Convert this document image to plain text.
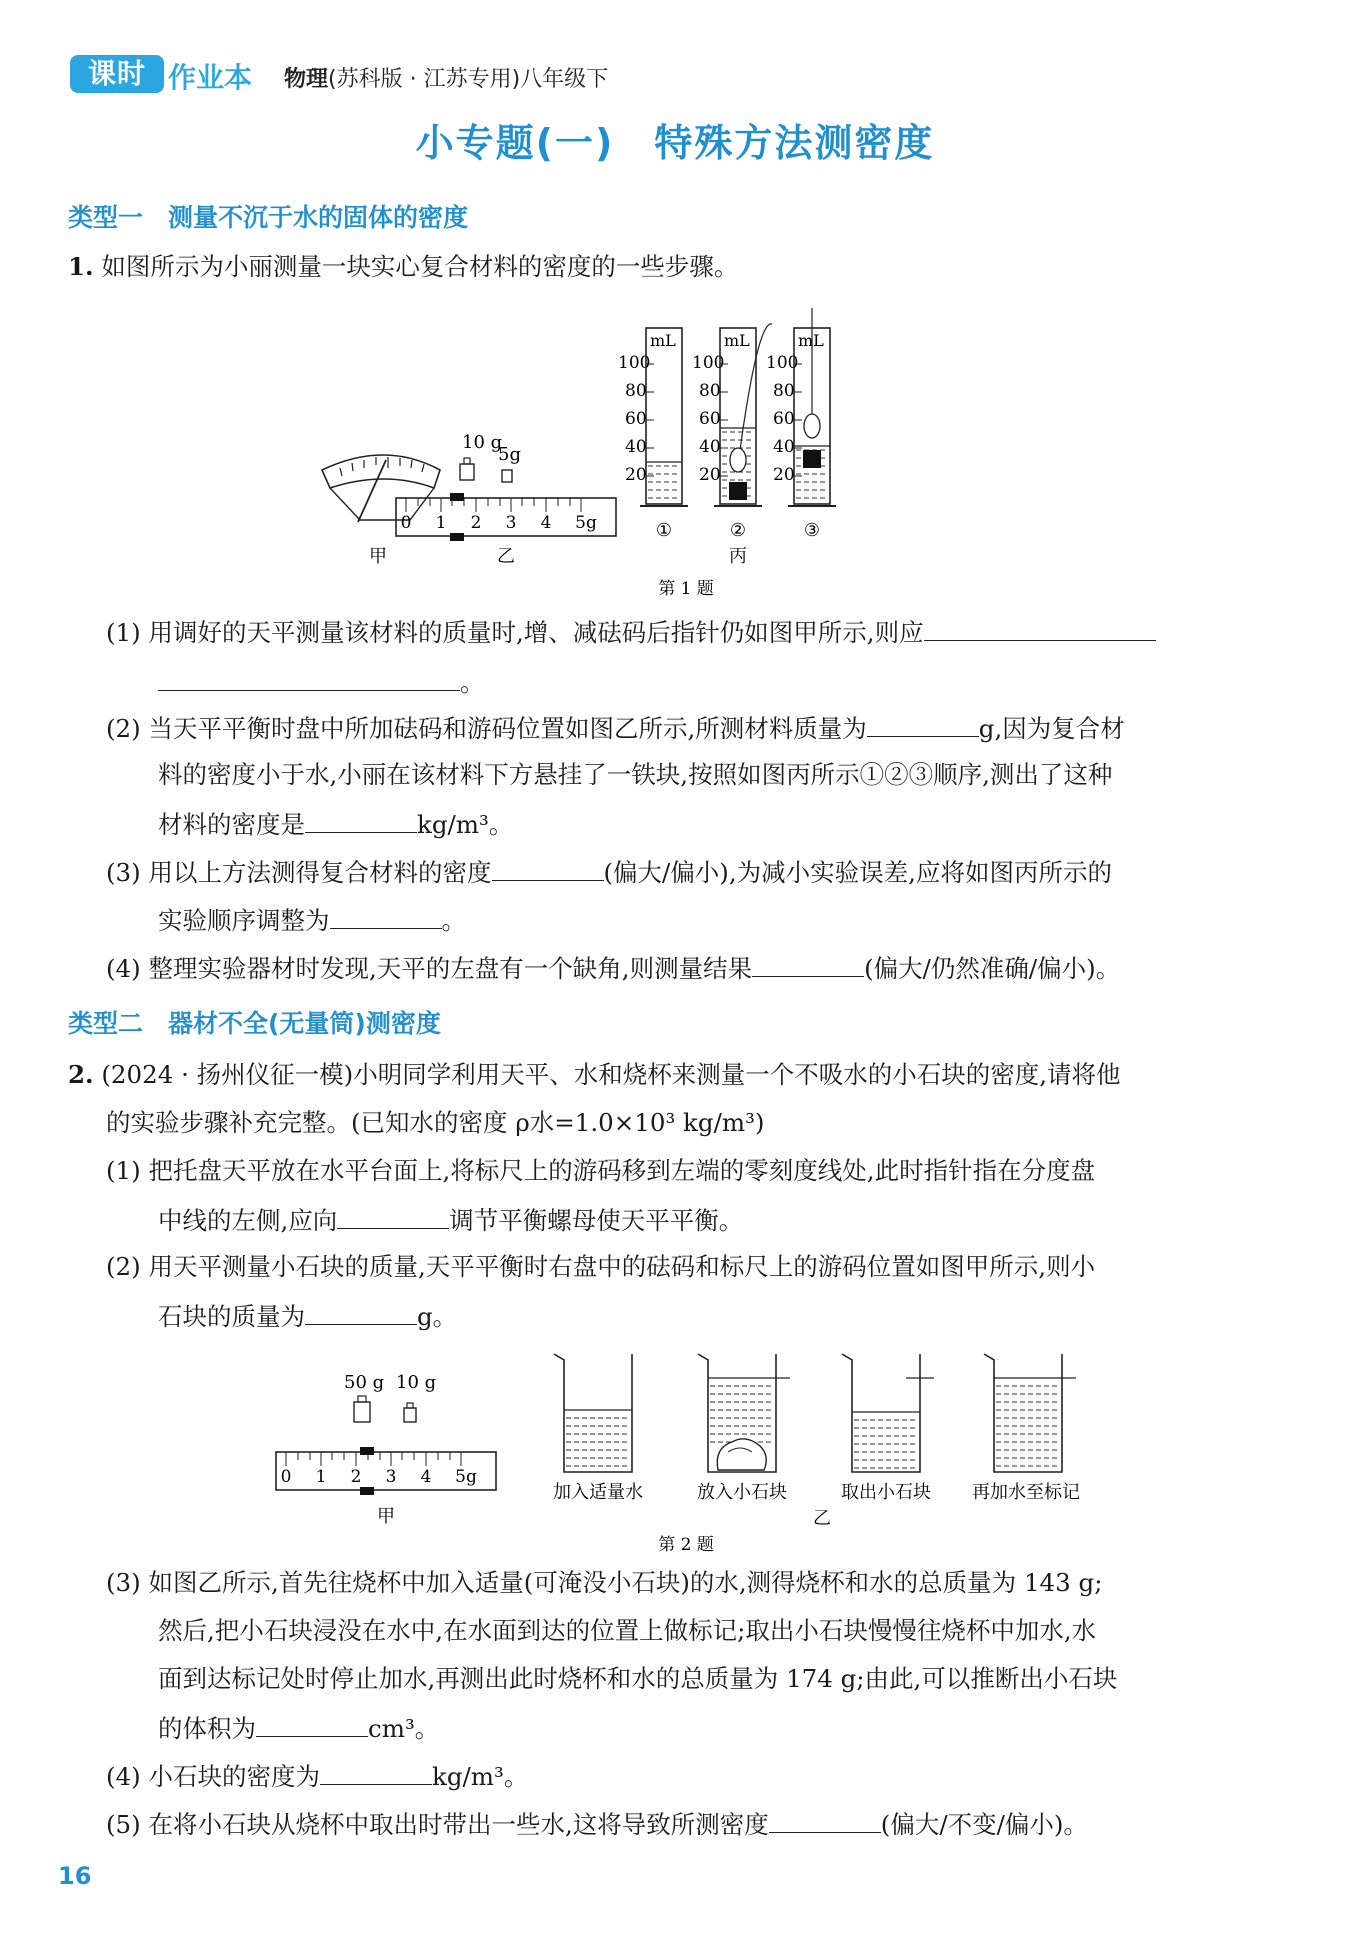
课时 作业本 物理(苏科版 · 江苏专用)八年级下
小专题(一)　特殊方法测密度
类型一　测量不沉于水的固体的密度
1. 如图所示为小丽测量一块实心复合材料的密度的一些步骤。
甲
10 g
5g
0 1 2 3 4 5g
乙
100
80
60
40
20
mL
①
100
80
60
40
20
mL
②
丙
100
80
60
40
20
mL
③
第 1 题
(1) 用调好的天平测量该材料的质量时,增、减砝码后指针仍如图甲所示,则应
。
(2) 当天平平衡时盘中所加砝码和游码位置如图乙所示,所测材料质量为	g,因为复合材
料的密度小于水,小丽在该材料下方悬挂了一铁块,按照如图丙所示①②③顺序,测出了这种
材料的密度是	kg/m³。
(3) 用以上方法测得复合材料的密度	(偏大/偏小),为减小实验误差,应将如图丙所示的
实验顺序调整为	。
(4) 整理实验器材时发现,天平的左盘有一个缺角,则测量结果	(偏大/仍然准确/偏小)。
类型二　器材不全(无量筒)测密度
2. (2024 · 扬州仪征一模)小明同学利用天平、水和烧杯来测量一个不吸水的小石块的密度,请将他
的实验步骤补充完整。(已知水的密度 ρ水=1.0×10³ kg/m³)
(1) 把托盘天平放在水平台面上,将标尺上的游码移到左端的零刻度线处,此时指针指在分度盘
中线的左侧,应向	调节平衡螺母使天平平衡。
(2) 用天平测量小石块的质量,天平平衡时右盘中的砝码和标尺上的游码位置如图甲所示,则小
石块的质量为	g。
50 g 10 g
0 1 2 3 4 5g
甲
加入适量水	放入小石块	取出小石块 再加水至标记
乙
第 2 题
(3) 如图乙所示,首先往烧杯中加入适量(可淹没小石块)的水,测得烧杯和水的总质量为 143 g;
然后,把小石块浸没在水中,在水面到达的位置上做标记;取出小石块慢慢往烧杯中加水,水
面到达标记处时停止加水,再测出此时烧杯和水的总质量为 174 g;由此,可以推断出小石块
的体积为	cm³。
(4) 小石块的密度为	kg/m³。
(5) 在将小石块从烧杯中取出时带出一些水,这将导致所测密度	(偏大/不变/偏小)。
16
